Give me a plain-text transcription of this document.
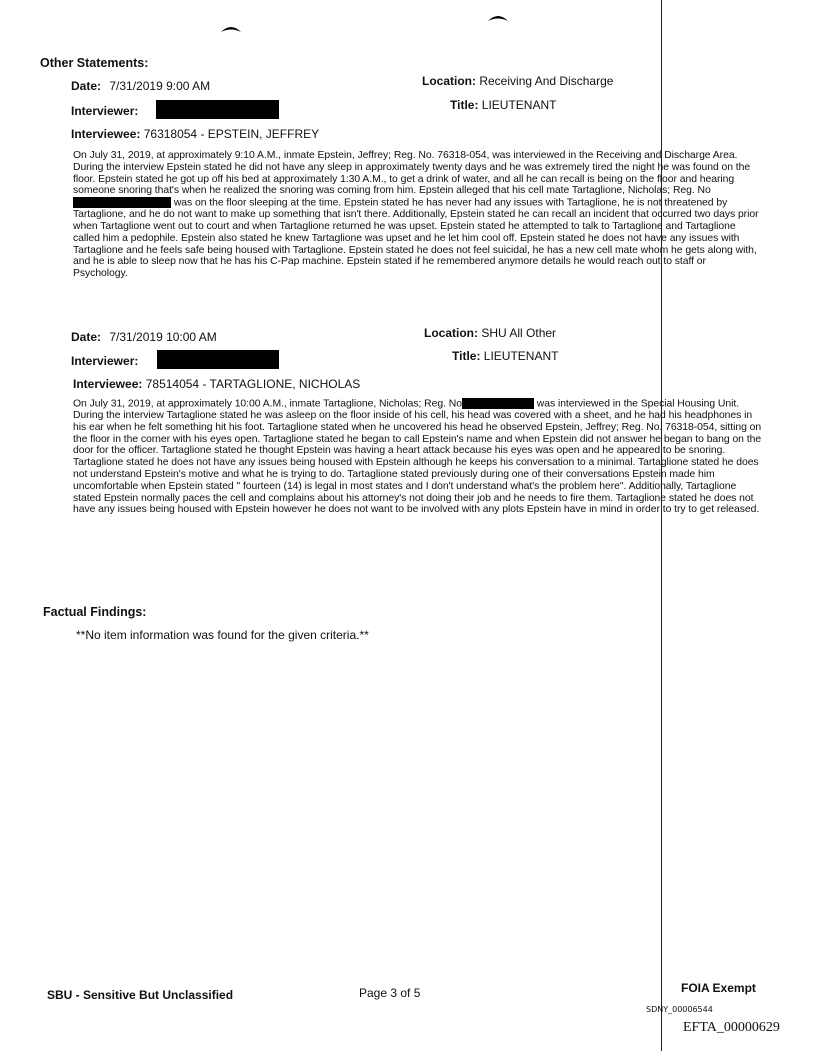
Other Statements:
Date: 7/31/2019 9:00 AM	Location: Receiving And Discharge
Interviewer:	Title: LIEUTENANT
Interviewee: 76318054 - EPSTEIN, JEFFREY
On July 31, 2019, at approximately 9:10 A.M., inmate Epstein, Jeffrey; Reg. No. 76318-054, was interviewed in the Receiving and Discharge Area. During the interview Epstein stated he did not have any sleep in approximately twenty days and he was extremely tired the night he was found on the floor. Epstein stated he got up off his bed at approximately 1:30 A.M., to get a drink of water, and all he can recall is being on the floor and hearing someone snoring that's when he realized the snoring was coming from him. Epstein alleged that his cell mate Tartaglione, Nicholas; Reg. No was on the floor sleeping at the time. Epstein stated he has never had any issues with Tartaglione, he is not threatened by Tartaglione, and he do not want to make up something that isn't there. Additionally, Epstein stated he can recall an incident that occurred two days prior when Tartaglione went out to court and when Tartaglione returned he was upset. Epstein stated he attempted to talk to Tartaglione and Tartaglione called him a pedophile. Epstein also stated he knew Tartaglione was upset and he let him cool off. Epstein stated he does not have any issues with Tartaglione and he feels safe being housed with Tartaglione. Epstein stated he does not feel suicidal, he has a new cell mate whom he gets along with, and he is able to sleep now that he has his C-Pap machine. Epstein stated if he remembered anymore details he would reach out to staff or Psychology.
Date: 7/31/2019 10:00 AM	Location: SHU All Other
Interviewer:	Title: LIEUTENANT
Interviewee: 78514054 - TARTAGLIONE, NICHOLAS
On July 31, 2019, at approximately 10:00 A.M., inmate Tartaglione, Nicholas; Reg. No	was interviewed in the Special Housing Unit. During the interview Tartaglione stated he was asleep on the floor inside of his cell, his head was covered with a sheet, and he had his headphones in his ear when he felt something hit his foot. Tartaglione stated when he uncovered his head he observed Epstein, Jeffrey; Reg. No. 76318-054, sitting on the floor in the corner with his eyes open. Tartaglione stated he began to call Epstein's name and when Epstein did not answer he began to bang on the door for the officer. Tartaglione stated he thought Epstein was having a heart attack because his eyes was open and he appeared to be snoring. Tartaglione stated he does not have any issues being housed with Epstein although he keeps his conversation to a minimal. Tartaglione stated he does not understand Epstein's motive and what he is trying to do. Tartaglione stated previously during one of their conversations Epstein made him uncomfortable when Epstein stated " fourteen (14) is legal in most states and I don't understand what's the problem here". Additionally, Tartaglione stated Epstein normally paces the cell and complains about his attorney's not doing their job and he needs to fire them. Tartaglione stated he does not have any issues being housed with Epstein however he does not want to be involved with any plots Epstein have in mind in order to try to get released.
Factual Findings:
**No item information was found for the given criteria.**
SBU - Sensitive But Unclassified	Page 3 of 5	FOIA Exempt
SDNY_00006544
EFTA_00000629
